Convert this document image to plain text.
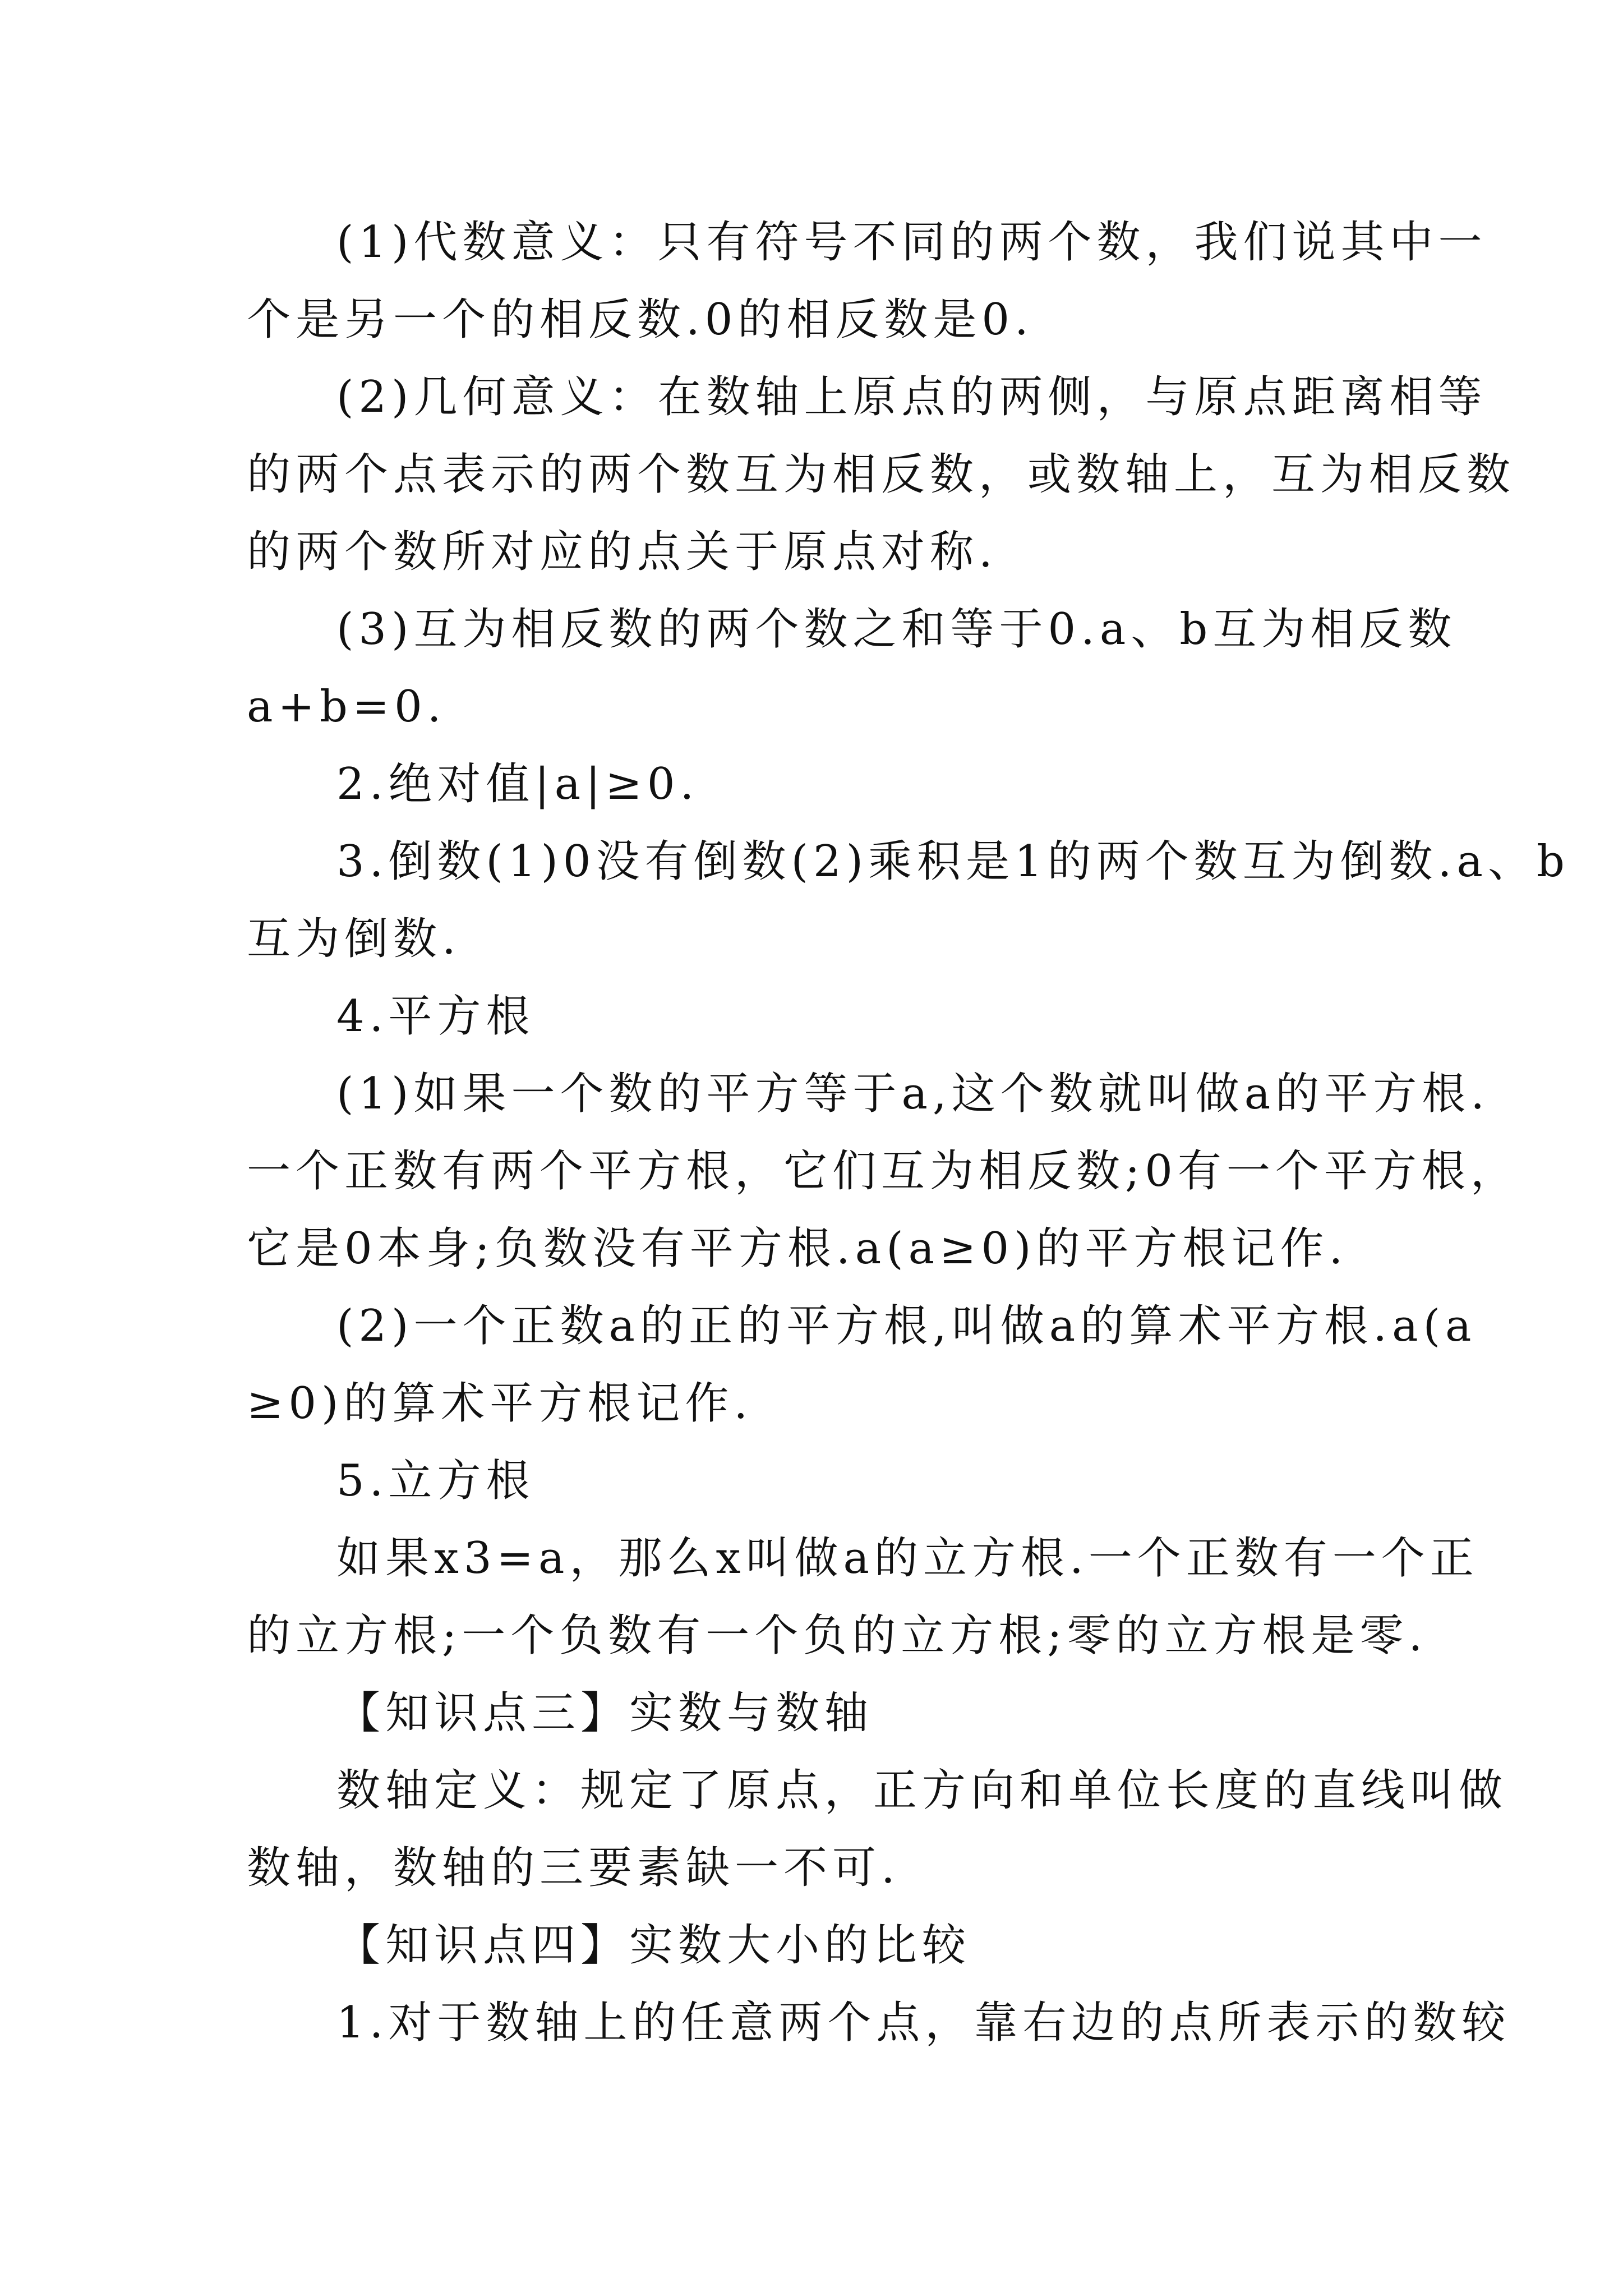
(1)代数意义：只有符号不同的两个数，我们说其中一
个是另一个的相反数.0的相反数是0.
(2)几何意义：在数轴上原点的两侧，与原点距离相等
的两个点表示的两个数互为相反数，或数轴上，互为相反数
的两个数所对应的点关于原点对称.
(3)互为相反数的两个数之和等于0.a、b互为相反数
a+b=0.
2.绝对值|a|≥0.
3.倒数(1)0没有倒数(2)乘积是1的两个数互为倒数.a、b
互为倒数.
4.平方根
(1)如果一个数的平方等于a,这个数就叫做a的平方根.
一个正数有两个平方根，它们互为相反数;0有一个平方根，
它是0本身;负数没有平方根.a(a≥0)的平方根记作.
(2)一个正数a的正的平方根,叫做a的算术平方根.a(a
≥0)的算术平方根记作.
5.立方根
如果x3=a，那么x叫做a的立方根.一个正数有一个正
的立方根;一个负数有一个负的立方根;零的立方根是零.
【知识点三】实数与数轴
数轴定义：规定了原点，正方向和单位长度的直线叫做
数轴，数轴的三要素缺一不可.
【知识点四】实数大小的比较
1.对于数轴上的任意两个点，靠右边的点所表示的数较
